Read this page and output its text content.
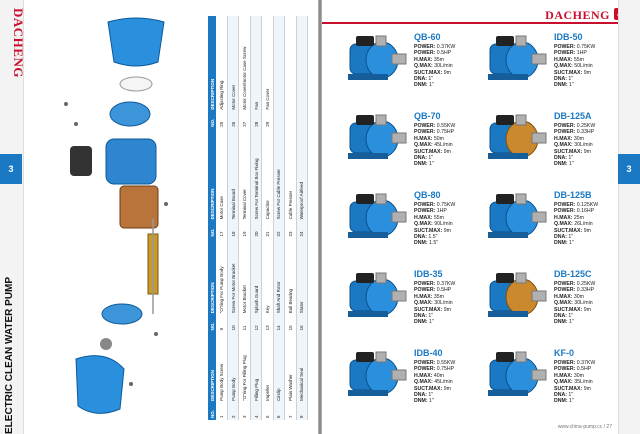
DACHENG
3
ELECTRIC CLEAN WATER PUMP	NO.	DESCRIPTION	NO.	DESCRIPTION	NO.	DESCRIPTION	NO.	DESCRIPTION
1	Pump Body Screw	9	"O"ring For Pump Body	17	Motor Case	25	Adjusting Ring
2	Pump Body	10	Screw For Motor Bracket	18	Terminal Board	26	Motor Cover
3	"O"ring For Filling Plug	11	Motor Bracket	19	Terminal Cover	27	Motor Cover/motor Case Screw
4	Filling Plug	12	Splash Guard	20	Screw For Terminal Box Fixing	28	Fan
5	Impeller	13	Key	21	Capacitor	29	Fan Cover
6	Circlip	14	Shaft And Rotor	22	Screw For Cable Presser		
7	Plain Washer	15	Ball Bearing	23	Cable Presser		
8	Mechanical Seal	16	Stator	24	Waterproof Airfeed		
DACHENG
3
QB-60
POWER: 0.37KW
POWER: 0.5HP
H.MAX: 35m
Q.MAX: 30L/min
SUCT.MAX: 9m
DNA: 1"
DNM: 1"
IDB-50
POWER: 0.75KW
POWER: 1HP
H.MAX: 55m
Q.MAX: 50L/min
SUCT.MAX: 9m
DNA: 1"
DNM: 1"
QB-70
POWER: 0.55KW
POWER: 0.75HP
H.MAX: 50m
Q.MAX: 45L/min
SUCT.MAX: 9m
DNA: 1"
DNM: 1"
DB-125A
POWER: 0.25KW
POWER: 0.33HP
H.MAX: 30m
Q.MAX: 30L/min
SUCT.MAX: 9m
DNA: 1"
DNM: 1"
QB-80
POWER: 0.75KW
POWER: 1HP
H.MAX: 55m
Q.MAX: 90L/min
SUCT.MAX: 9m
DNA: 1.5"
DNM: 1.5"
DB-125B
POWER: 0.125KW
POWER: 0.16HP
H.MAX: 25m
Q.MAX: 26L/min
SUCT.MAX: 9m
DNA: 1"
DNM: 1"
IDB-35
POWER: 0.37KW
POWER: 0.5HP
H.MAX: 35m
Q.MAX: 30L/min
SUCT.MAX: 9m
DNA: 1"
DNM: 1"
DB-125C
POWER: 0.25KW
POWER: 0.33HP
H.MAX: 30m
Q.MAX: 30L/min
SUCT.MAX: 9m
DNA: 1"
DNM: 1"
IDB-40
POWER: 0.55KW
POWER: 0.75HP
H.MAX: 40m
Q.MAX: 45L/min
SUCT.MAX: 9m
DNA: 1"
DNM: 1"
KF-0
POWER: 0.37KW
POWER: 0.5HP
H.MAX: 30m
Q.MAX: 35L/min
SUCT.MAX: 9m
DNA: 1"
DNM: 1"
www.china-pump.cc / 27
